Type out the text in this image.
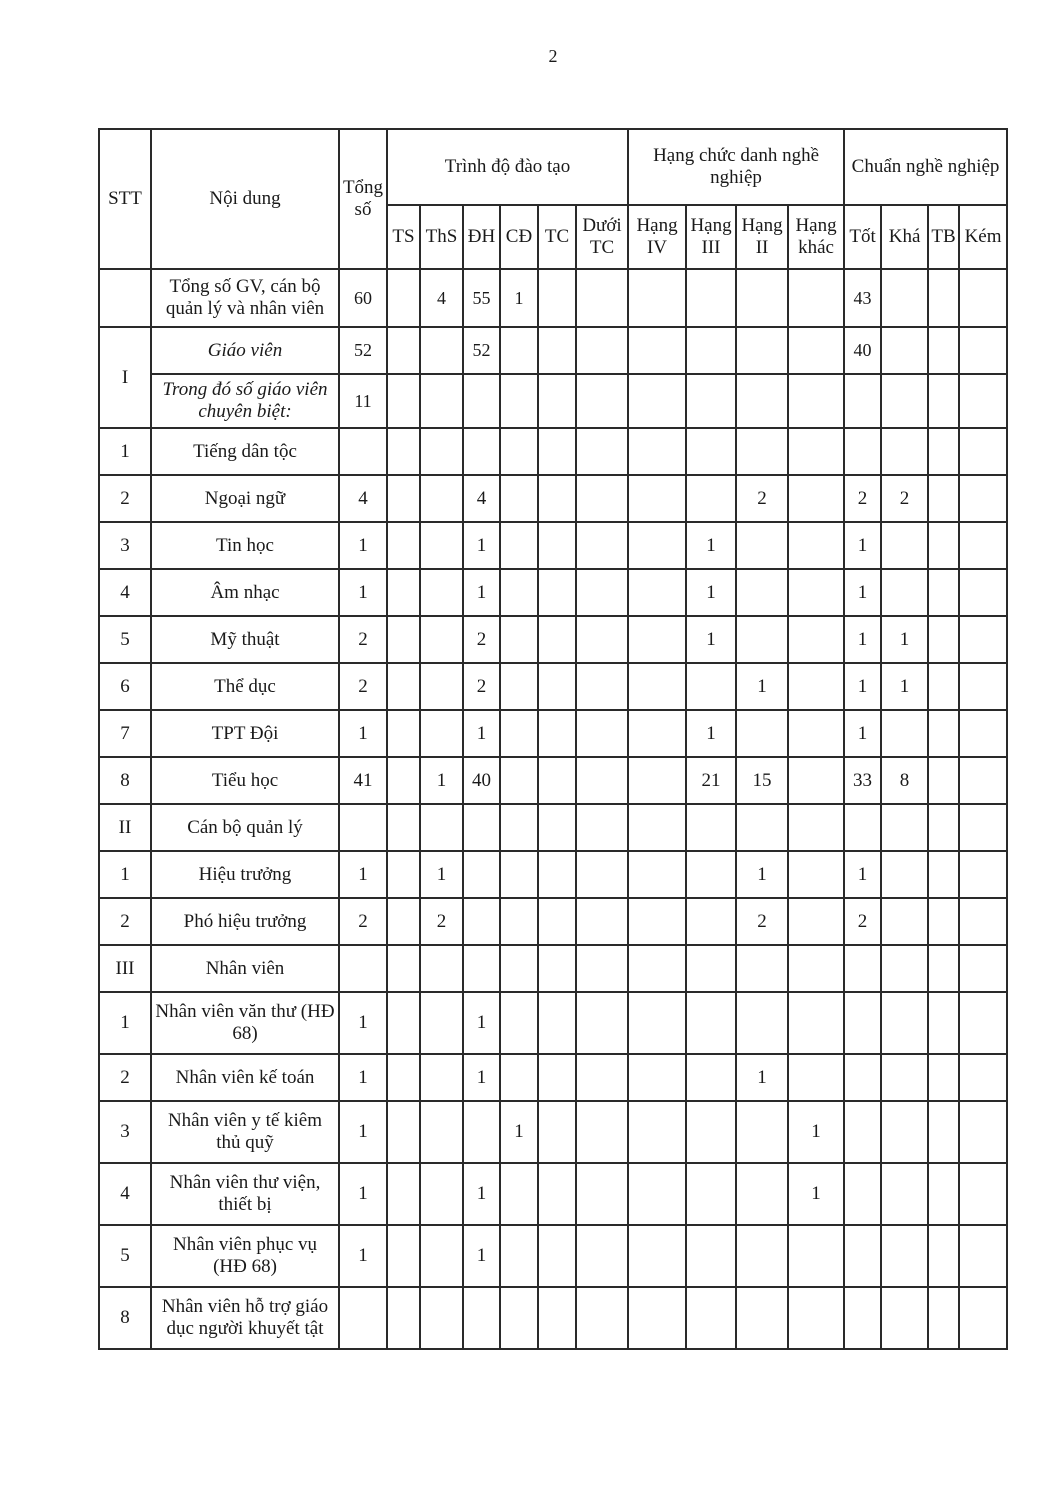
2
STT	Nội dung	Tổng số	Trình độ đào tạo						Hạng chức danh nghề nghiệp				Chuẩn nghề nghiệp			
			TS	ThS	ĐH	CĐ	TC	Dưới TC	Hạng IV	Hạng III	Hạng II	Hạng khác	Tốt	Khá	TB	Kém
	Tổng số GV, cán bộ quản lý và nhân viên	60		4	55	1							43			
I	Giáo viên	52			52								40			
	Trong đó số giáo viên chuyên biệt:	11														
1	Tiếng dân tộc															
2	Ngoại ngữ	4			4						2		2	2		
3	Tin học	1			1					1			1			
4	Âm nhạc	1			1					1			1			
5	Mỹ thuật	2			2					1			1	1		
6	Thể dục	2			2						1		1	1		
7	TPT Đội	1			1					1			1			
8	Tiểu học	41		1	40					21	15		33	8		
II	Cán bộ quản lý															
1	Hiệu trưởng	1		1							1		1			
2	Phó hiệu trưởng	2		2							2		2			
III	Nhân viên															
1	Nhân viên văn thư (HĐ 68)	1			1											
2	Nhân viên kế toán	1			1						1					
3	Nhân viên y tế kiêm thủ quỹ	1				1						1				
4	Nhân viên thư viện, thiết bị	1			1							1				
5	Nhân viên phục vụ (HĐ 68)	1			1											
8	Nhân viên hỗ trợ giáo dục người khuyết tật															
